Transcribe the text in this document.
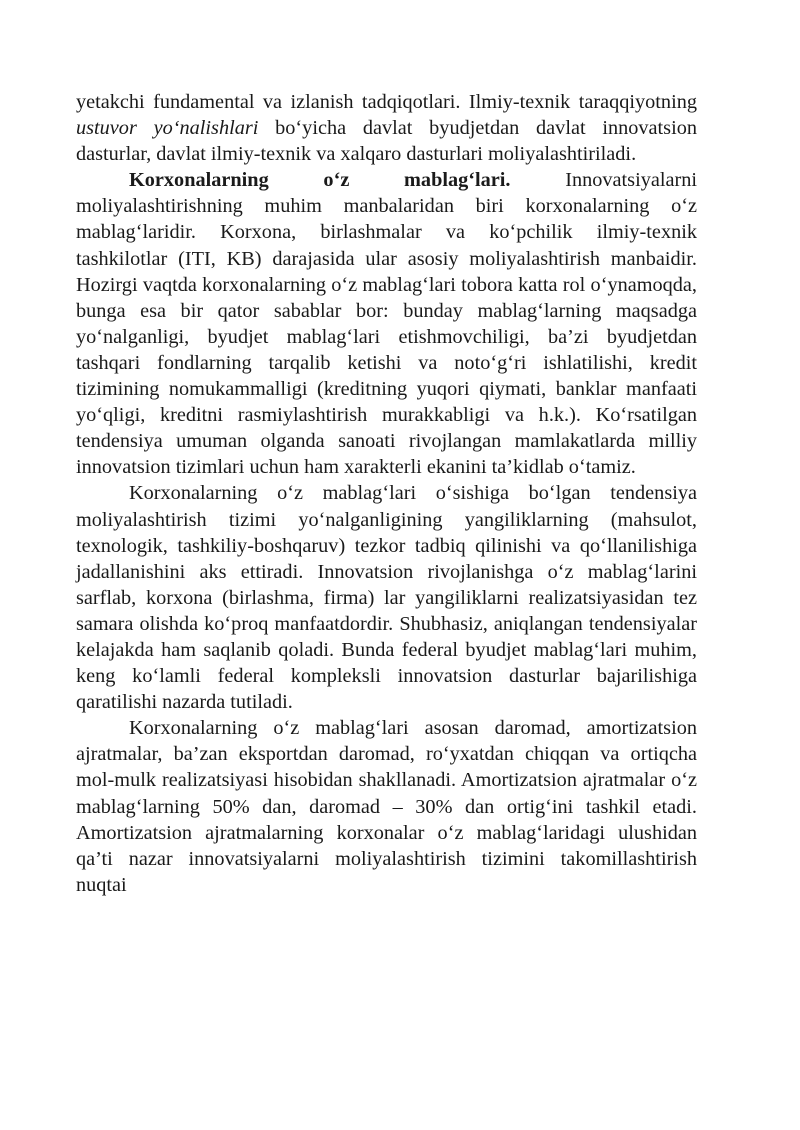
yetakchi fundamental va izlanish tadqiqotlari. Ilmiy-texnik taraqqiyotning ustuvor yo‘nalishlari bo‘yicha davlat byudjetdan davlat innovatsion dasturlar, davlat ilmiy-texnik va xalqaro dasturlari moliyalashtiriladi.

Korxonalarning o‘z mablag‘lari. Innovatsiyalarni moliyalashtirishning muhim manbalaridan biri korxonalarning o‘z mablag‘laridir. Korxona, birlashmalar va ko‘pchilik ilmiy-texnik tashkilotlar (ITI, KB) darajasida ular asosiy moliyalashtirish manbaidir. Hozirgi vaqtda korxonalarning o‘z mablag‘lari tobora katta rol o‘ynamoqda, bunga esa bir qator sabablar bor: bunday mablag‘larning maqsadga yo‘nalganligi, byudjet mablag‘lari etishmovchiligi, ba’zi byudjetdan tashqari fondlarning tarqalib ketishi va noto‘g‘ri ishlatilishi, kredit tizimining nomukammalligi (kreditning yuqori qiymati, banklar manfaati yo‘qligi, kreditni rasmiylashtirish murakkabligi va h.k.). Ko‘rsatilgan tendensiya umuman olganda sanoati rivojlangan mamlakatlarda milliy innovatsion tizimlari uchun ham xarakterli ekanini ta’kidlab o‘tamiz.

Korxonalarning o‘z mablag‘lari o‘sishiga bo‘lgan tendensiya moliyalashtirish tizimi yo‘nalganligining yangiliklarning (mahsulot, texnologik, tashkiliy-boshqaruv) tezkor tadbiq qilinishi va qo‘llanilishiga jadallanishini aks ettiradi. Innovatsion rivojlanishga o‘z mablag‘larini sarflab, korxona (birlashma, firma) lar yangiliklarni realizatsiyasidan tez samara olishda ko‘proq manfaatdordir. Shubhasiz, aniqlangan tendensiyalar kelajakda ham saqlanib qoladi. Bunda federal byudjet mablag‘lari muhim, keng ko‘lamli federal kompleksli innovatsion dasturlar bajarilishiga qaratilishi nazarda tutiladi.

Korxonalarning o‘z mablag‘lari asosan daromad, amortizatsion ajratmalar, ba’zan eksportdan daromad, ro‘yxatdan chiqqan va ortiqcha mol-mulk realizatsiyasi hisobidan shakllanadi. Amortizatsion ajratmalar o‘z mablag‘larning 50% dan, daromad – 30% dan ortig‘ini tashkil etadi. Amortizatsion ajratmalarning korxonalar o‘z mablag‘laridagi ulushidan qa’ti nazar innovatsiyalarni moliyalashtirish tizimini takomillashtirish nuqtai
